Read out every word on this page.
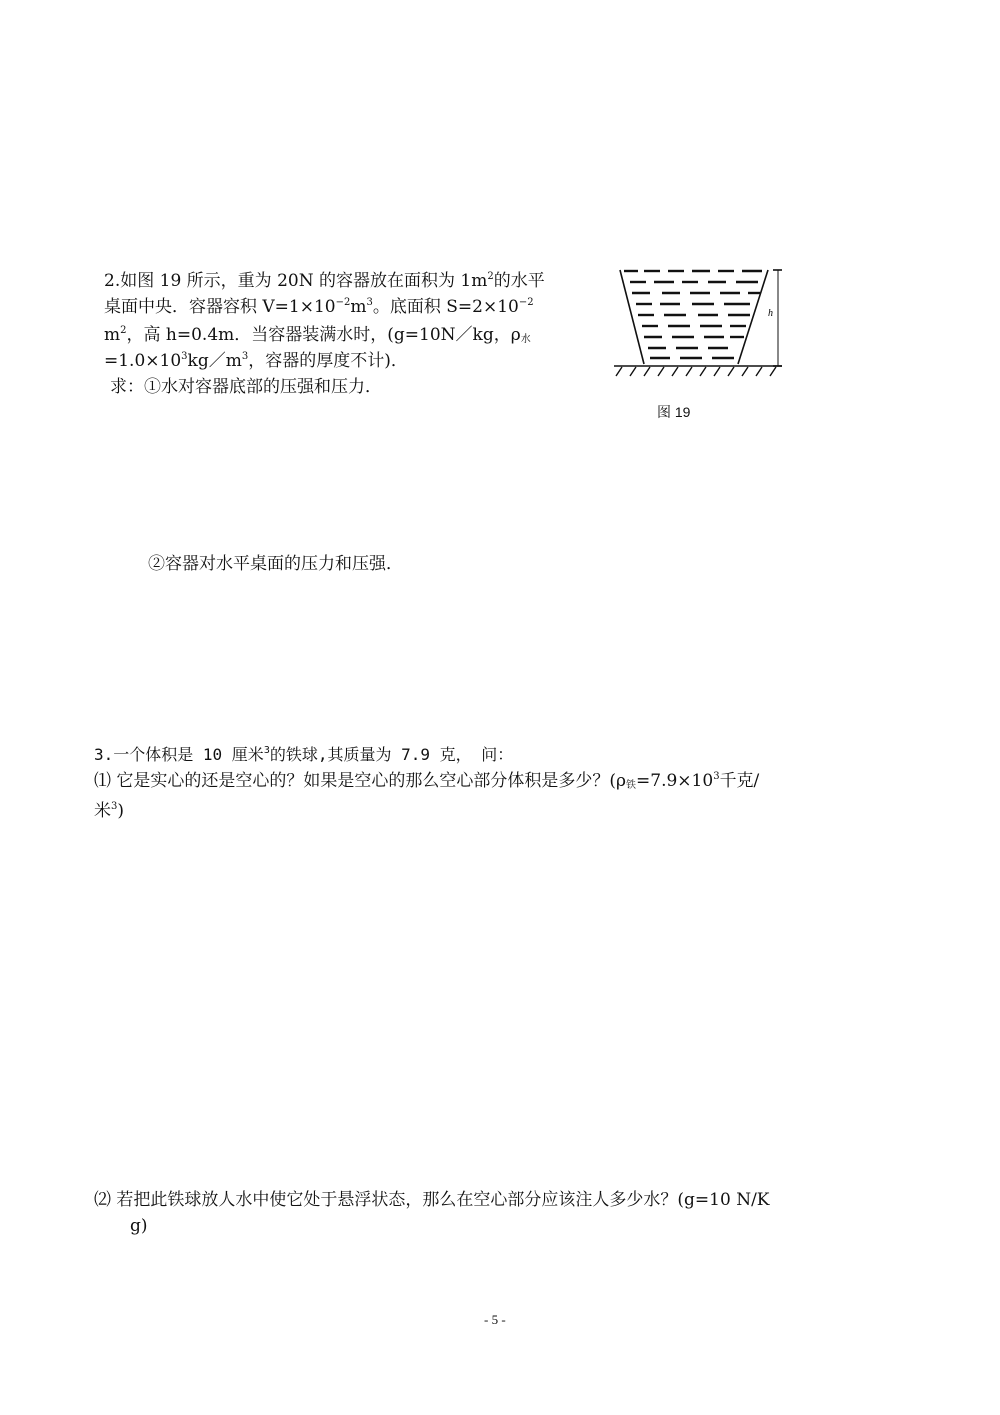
2.如图 19 所示，重为 20N 的容器放在面积为 $1m^2$的水平
桌面中央．容器容积 $V=1\times 10^{-2}m^3$。底面积 $S=2\times 10^{-2}$
$m^2$，高 h=0.4m．当容器装满水时，(g=10N／kg，$\rho_水$
$=1.0\times 10^3kg/m^3$，容器的厚度不计)．
求：①水对容器底部的压强和压力．
h
图 19
②容器对水平桌面的压力和压强．
3.一个体积是 10 厘米$^3$的铁球,其质量为 7.9 克， 问：
⑴ 它是实心的还是空心的？如果是空心的那么空心部分体积是多少？($\rho_铁=7.9\times 10^3$千克/
米$^3$)
⑵ 若把此铁球放人水中使它处于悬浮状态，那么在空心部分应该注人多少水？(g=10 N/K
g)
- 5 -
